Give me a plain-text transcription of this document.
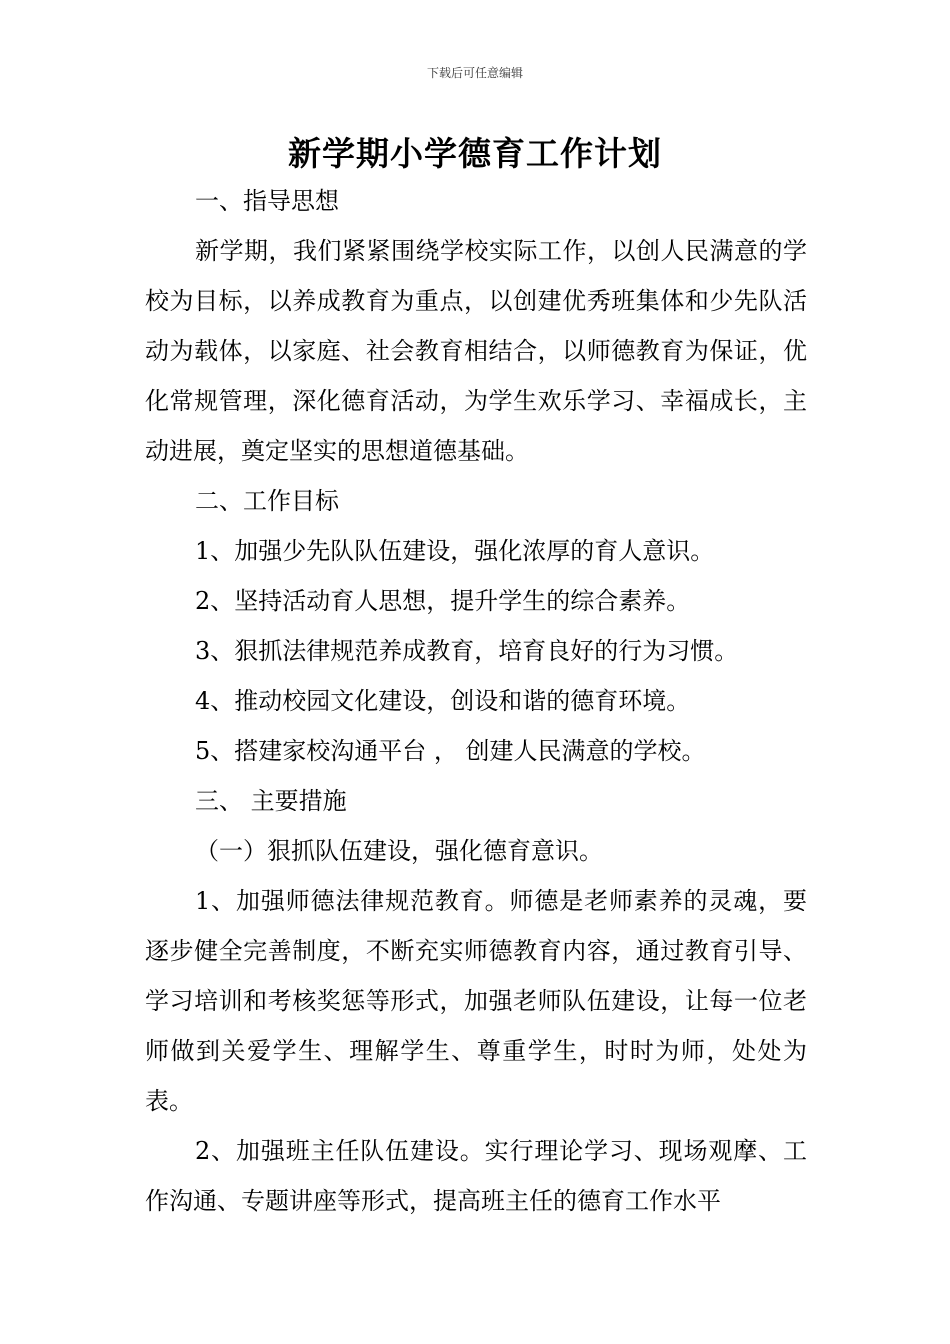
下载后可任意编辑
新学期小学德育工作计划

一、指导思想

新学期，我们紧紧围绕学校实际工作，以创人民满意的学校为目标，以养成教育为重点，以创建优秀班集体和少先队活动为载体，以家庭、社会教育相结合，以师德教育为保证，优化常规管理，深化德育活动，为学生欢乐学习、幸福成长，主动进展，奠定坚实的思想道德基础。

二、工作目标

1、加强少先队队伍建设，强化浓厚的育人意识。

2、坚持活动育人思想，提升学生的综合素养。

3、狠抓法律规范养成教育，培育良好的行为习惯。

4、推动校园文化建设，创设和谐的德育环境。

5、搭建家校沟通平台 ， 创建人民满意的学校。

三、 主要措施

（一）狠抓队伍建设，强化德育意识。

1、加强师德法律规范教育。师德是老师素养的灵魂，要逐步健全完善制度，不断充实师德教育内容，通过教育引导、学习培训和考核奖惩等形式，加强老师队伍建设，让每一位老师做到关爱学生、理解学生、尊重学生，时时为师，处处为表。

2、加强班主任队伍建设。实行理论学习、现场观摩、工作沟通、专题讲座等形式，提高班主任的德育工作水平
